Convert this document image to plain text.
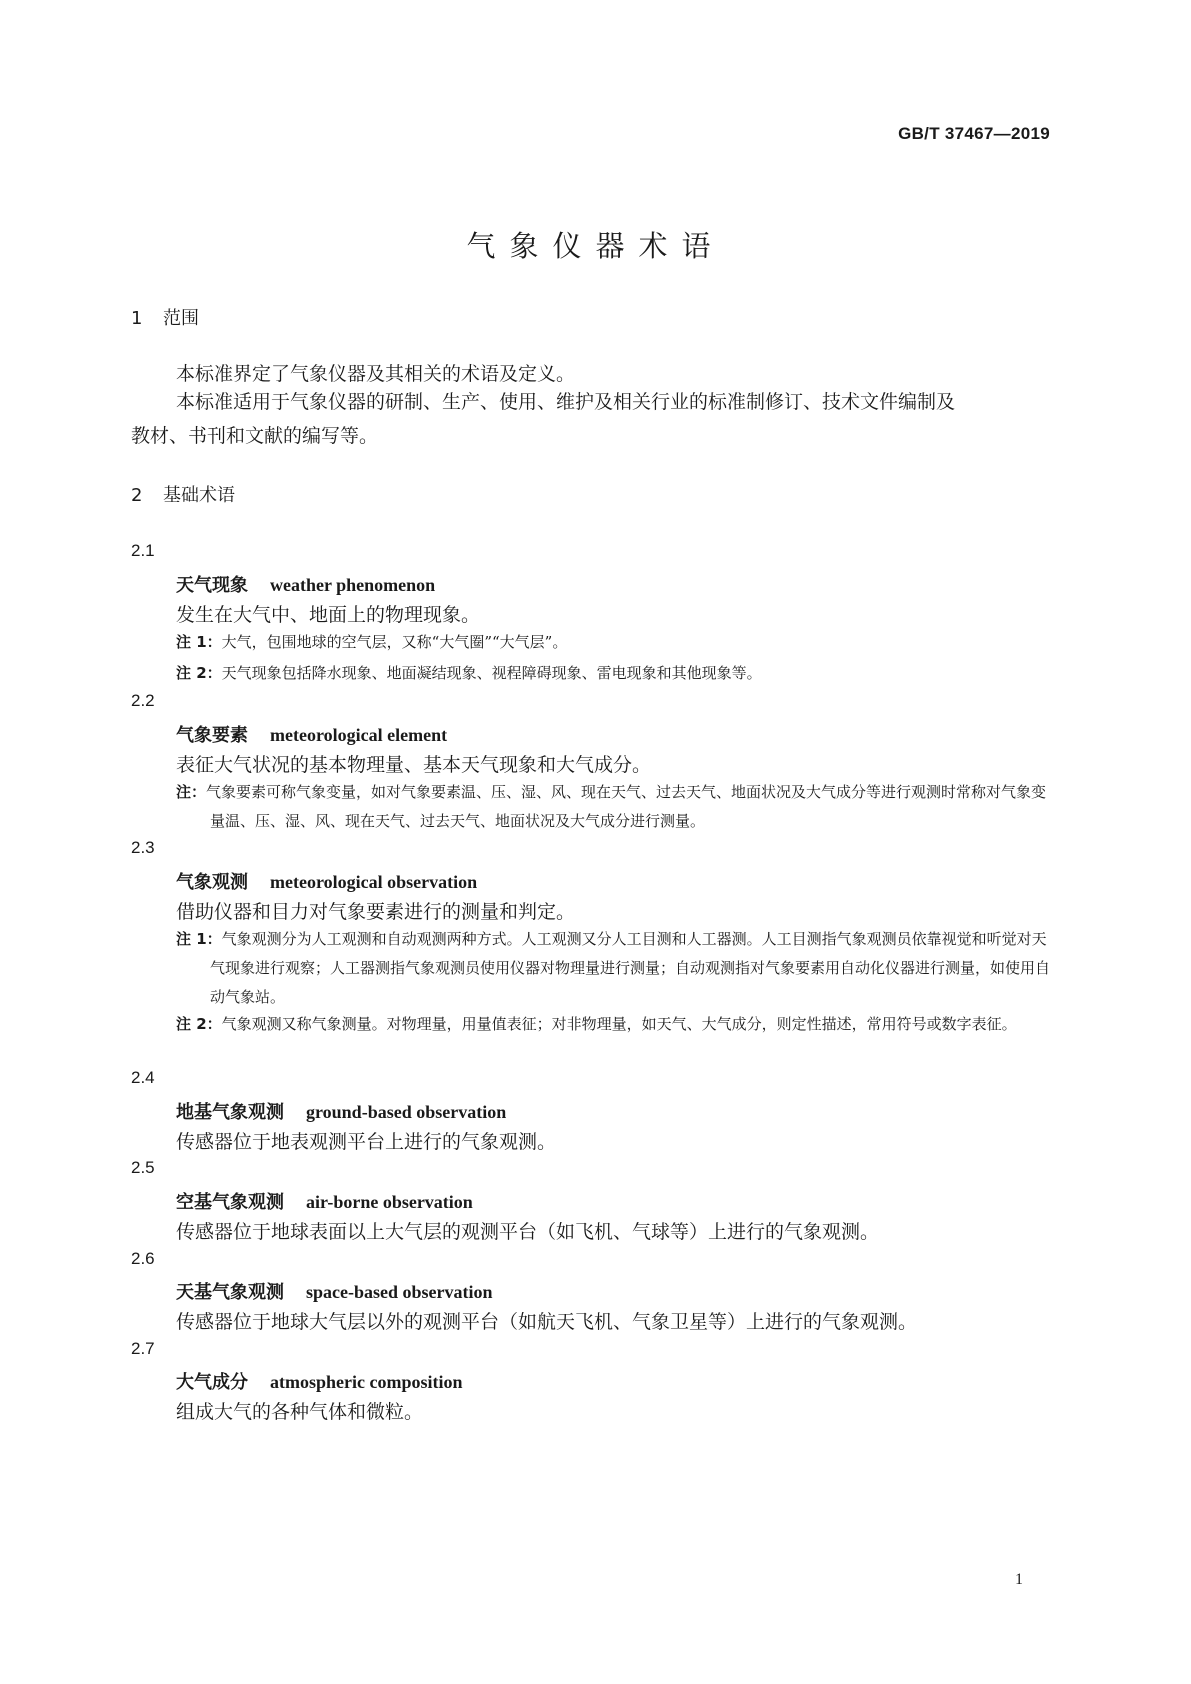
GB/T 37467—2019
气象仪器术语
1 范围
本标准界定了气象仪器及其相关的术语及定义。
本标准适用于气象仪器的研制、生产、使用、维护及相关行业的标准制修订、技术文件编制及教材、书刊和文献的编写等。
2 基础术语
2.1
天气现象 weather phenomenon
发生在大气中、地面上的物理现象。
注 1：大气，包围地球的空气层，又称“大气圈”“大气层”。
注 2：天气现象包括降水现象、地面凝结现象、视程障碍现象、雷电现象和其他现象等。
2.2
气象要素 meteorological element
表征大气状况的基本物理量、基本天气现象和大气成分。
注：气象要素可称气象变量，如对气象要素温、压、湿、风、现在天气、过去天气、地面状况及大气成分等进行观测时常称对气象变量温、压、湿、风、现在天气、过去天气、地面状况及大气成分进行测量。
2.3
气象观测 meteorological observation
借助仪器和目力对气象要素进行的测量和判定。
注 1：气象观测分为人工观测和自动观测两种方式。人工观测又分人工目测和人工器测。人工目测指气象观测员依靠视觉和听觉对天气现象进行观察；人工器测指气象观测员使用仪器对物理量进行测量；自动观测指对气象要素用自动化仪器进行测量，如使用自动气象站。
注 2：气象观测又称气象测量。对物理量，用量值表征；对非物理量，如天气、大气成分，则定性描述，常用符号或数字表征。
2.4
地基气象观测 ground-based observation
传感器位于地表观测平台上进行的气象观测。
2.5
空基气象观测 air-borne observation
传感器位于地球表面以上大气层的观测平台（如飞机、气球等）上进行的气象观测。
2.6
天基气象观测 space-based observation
传感器位于地球大气层以外的观测平台（如航天飞机、气象卫星等）上进行的气象观测。
2.7
大气成分 atmospheric composition
组成大气的各种气体和微粒。
1
